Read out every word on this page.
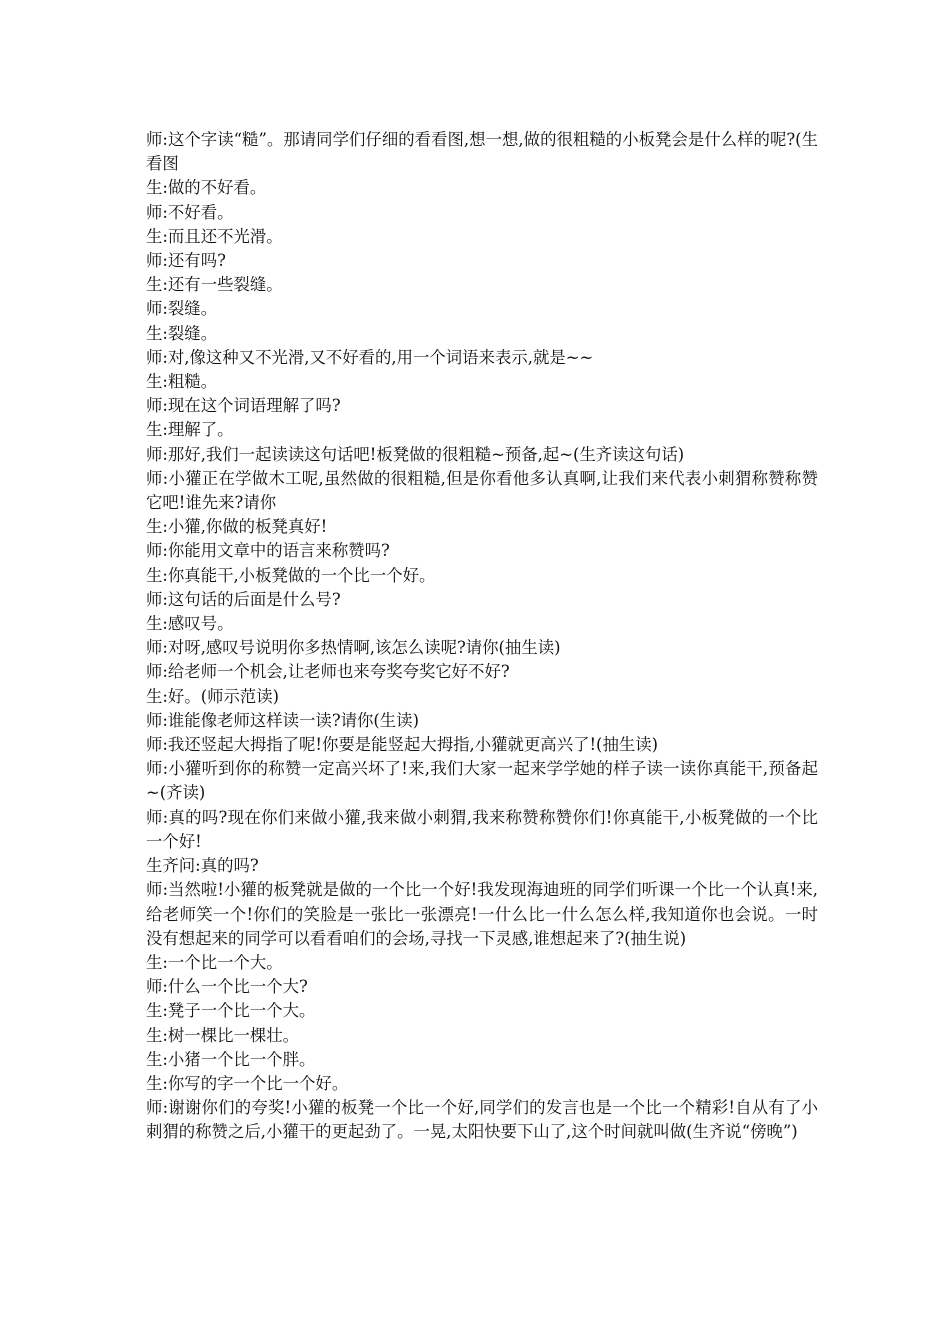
师:这个字读“糙”。那请同学们仔细的看看图,想一想,做的很粗糙的小板凳会是什么样的呢?(生看图
生:做的不好看。
师:不好看。
生:而且还不光滑。
师:还有吗?
生:还有一些裂缝。
师:裂缝。
生:裂缝。
师:对,像这种又不光滑,又不好看的,用一个词语来表示,就是~~
生:粗糙。
师:现在这个词语理解了吗?
生:理解了。
师:那好,我们一起读读这句话吧!板凳做的很粗糙~预备,起~(生齐读这句话)
师:小獾正在学做木工呢,虽然做的很粗糙,但是你看他多认真啊,让我们来代表小刺猬称赞称赞它吧!谁先来?请你
生:小獾,你做的板凳真好!
师:你能用文章中的语言来称赞吗?
生:你真能干,小板凳做的一个比一个好。
师:这句话的后面是什么号?
生:感叹号。
师:对呀,感叹号说明你多热情啊,该怎么读呢?请你(抽生读)
师:给老师一个机会,让老师也来夸奖夸奖它好不好?
生:好。(师示范读)
师:谁能像老师这样读一读?请你(生读)
师:我还竖起大拇指了呢!你要是能竖起大拇指,小獾就更高兴了!(抽生读)
师:小獾听到你的称赞一定高兴坏了!来,我们大家一起来学学她的样子读一读你真能干,预备起~(齐读)
师:真的吗?现在你们来做小獾,我来做小刺猬,我来称赞称赞你们!你真能干,小板凳做的一个比一个好!
生齐问:真的吗?
师:当然啦!小獾的板凳就是做的一个比一个好!我发现海迪班的同学们听课一个比一个认真!来,给老师笑一个!你们的笑脸是一张比一张漂亮!一什么比一什么怎么样,我知道你也会说。一时没有想起来的同学可以看看咱们的会场,寻找一下灵感,谁想起来了?(抽生说)
生:一个比一个大。
师:什么一个比一个大?
生:凳子一个比一个大。
生:树一棵比一棵壮。
生:小猪一个比一个胖。
生:你写的字一个比一个好。
师:谢谢你们的夸奖!小獾的板凳一个比一个好,同学们的发言也是一个比一个精彩!自从有了小刺猬的称赞之后,小獾干的更起劲了。一晃,太阳快要下山了,这个时间就叫做(生齐说“傍晚”)
